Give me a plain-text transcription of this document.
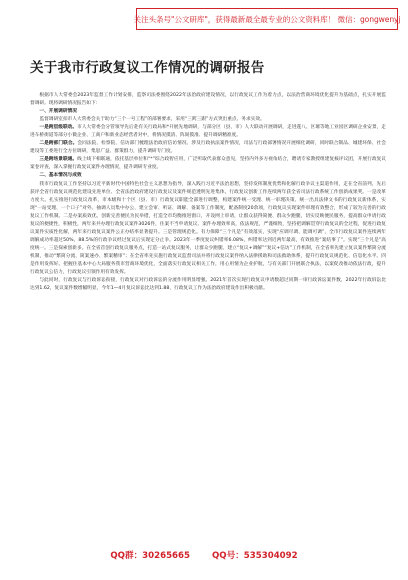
关注头条号"公文研库"，获得最新最全最专业的公文资料库！ 微信：gongwenyj
关于我市行政复议工作情况的调研报告

根据市人大常委会2023年监督工作计划安排，监察司法委围绕2022年法治政府建设情况，以行政复议工作为着力点，以法治营商环境优化提升为基础点，扎实开展监督调研。现将调研情况报告如下：

一、开展调研情况

监督调研室扣市人大常委会关于助力“三个一号工程”的部署要求，采用“三跨三跟”方式突出重点、务求实效。

一是跨层级联动。市人大常委会分管领导先后赴有关行政局和*开展先地调研，与部分区（县、市）人大联动开展调研，走进遂八、区璀等地工业园区调研企业安景，走进车桥街道等部分小微企业、工商户和新业态经营者对中，将情况摸清、阵间摸准、提升调研精准度。

二是跨部门联合。会同法院、检察院、信访部门梳理法治政府信访情况、涉及行政执法案件情况，司法与行政部署情况开展细化调研，同时联合制品、城建环保、社会建设等工委进行全方位调研，集思广益、群策群力，提升调研专门度。

三是跨场景联通。线上线下相联通，依托基层单位和“*”综合政智应用，广泛听取代表群众意见，坚持内外多方视角结合，聘请专家教授组建复核评议团，开展行政复议案卷评查，深入掌握行政复议案件办理情况，提升调研专业度。

二、基本情况与成效

我市行政复议工作坚持以习近平新时代中国特色社会主义思想为指导，深入践行习近平法治思想，坚持发挥制度优势和化解行政争议主渠道作用，走在全省前列，先后获评全省行政复议规范化建设先进单位、全省法治政府建设行政复议及案件规范透明先进集体，行政复议创新工作连续两年获全省司法行政系统工作创新成果奖。一是改革力度大。扎实推进行政复议改革，市本级和十个区（县、市）行政复议职能全部进行调整，构建案件统一受理、统一审理决策、统一出具法律文书的行政复议新体系，实现“一站受理、一个口子”对外。抽调人员集中办公，建立会审、听证、调解、备案等工作制度，配备制度20余项，行政复议实现案件审理有效整合，形成了较为完善的行政复议工作机制。二是办案质效优。创新完善便民为民举措，打造全市均衡推进窗口，开设网上审请，让群众获得简便、群众少跑腿，切实反映便民服务，提高群众申请行政复议的便捷性，积极性，两年来共办理行政复议案件3026件，住案不当申请复议、案件办理效率高，依法规范，严谨细致，坚持把调解贯穿行政复议的全过程，促进行政复议案件实质性化解，两年来行政复议案件公正办结率显著提升。三是管理规范化。有力保障“三个凡是”有效落实，实现“应调尽调、能调可调”，全市行政复议案件连续两年调解成功率超过50%，88.5%的行政争议经过复议后实现定分止争。2023年一季度复议纠错率6.08%，纠错率达到近两年最高，有效推进“案结事了”。实现“三个凡是”高度统一。三是探索创新多。在全省首创行政复议服务点，打造一站式复议服务，让群众少跑腿、建立“复议+调解”“复议+信访”工作机制，在全省率先建立复议案件繁简分流机制，推动“繁简分流、简案速办、繁案精审”；在全省率先实施行政复议监督司法并将行政复议案件纳入法律援助和司法救助体系，提升行政复议规范化、信息化水平。四是作用发挥好。把握住基本中心大局服务我市营商环境优化，全面落实行政复议相关工作，用心用情为企业护航，与有关部门开展联合执法，以案促改推动依法行政，提升行政复议公信力，行政复议引领作用有效发挥。

与此同时，行政复议与行政诉讼衔接，行政复议对行政诉讼的分流作用明显增强。2021年首次实现行政复议申请数超过同期一审行政诉讼案件数，2022年行政诉讼比达到1.62，复议案件数增幅明显，今年1—4月复议诉讼比达到1.88，行政复议工作为法治政府建设作出积极贡献。

QQ群：30265665	QQ号：535304092
